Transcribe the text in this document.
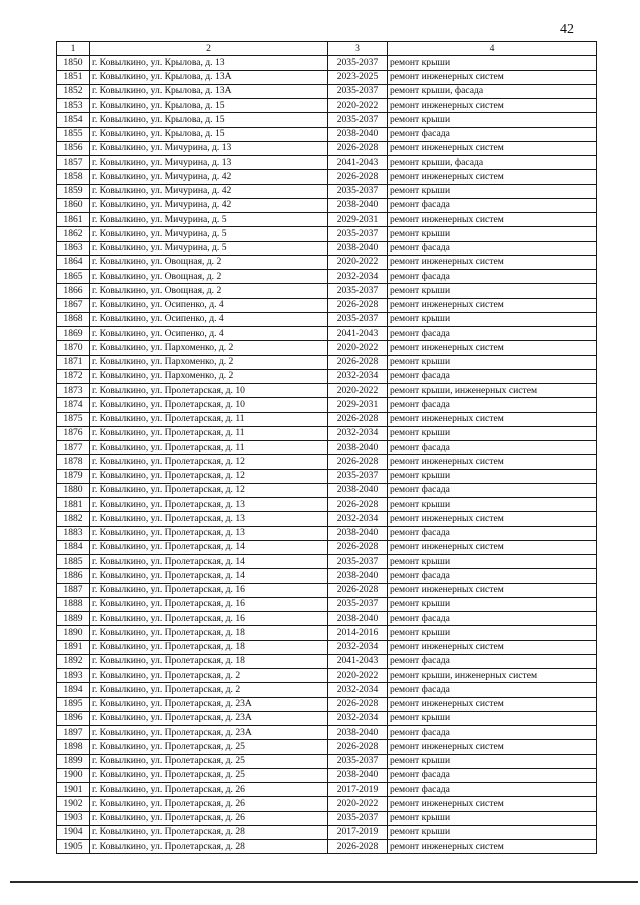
42
1	2	3	4
1850	г. Ковылкино, ул. Крылова, д. 13	2035-2037	ремонт крыши
1851	г. Ковылкино, ул. Крылова, д. 13А	2023-2025	ремонт инженерных систем
1852	г. Ковылкино, ул. Крылова, д. 13А	2035-2037	ремонт крыши, фасада
1853	г. Ковылкино, ул. Крылова, д. 15	2020-2022	ремонт инженерных систем
1854	г. Ковылкино, ул. Крылова, д. 15	2035-2037	ремонт крыши
1855	г. Ковылкино, ул. Крылова, д. 15	2038-2040	ремонт фасада
1856	г. Ковылкино, ул. Мичурина, д. 13	2026-2028	ремонт инженерных систем
1857	г. Ковылкино, ул. Мичурина, д. 13	2041-2043	ремонт крыши, фасада
1858	г. Ковылкино, ул. Мичурина, д. 42	2026-2028	ремонт инженерных систем
1859	г. Ковылкино, ул. Мичурина, д. 42	2035-2037	ремонт крыши
1860	г. Ковылкино, ул. Мичурина, д. 42	2038-2040	ремонт фасада
1861	г. Ковылкино, ул. Мичурина, д. 5	2029-2031	ремонт инженерных систем
1862	г. Ковылкино, ул. Мичурина, д. 5	2035-2037	ремонт крыши
1863	г. Ковылкино, ул. Мичурина, д. 5	2038-2040	ремонт фасада
1864	г. Ковылкино, ул. Овощная, д. 2	2020-2022	ремонт инженерных систем
1865	г. Ковылкино, ул. Овощная, д. 2	2032-2034	ремонт фасада
1866	г. Ковылкино, ул. Овощная, д. 2	2035-2037	ремонт крыши
1867	г. Ковылкино, ул. Осипенко, д. 4	2026-2028	ремонт инженерных систем
1868	г. Ковылкино, ул. Осипенко, д. 4	2035-2037	ремонт крыши
1869	г. Ковылкино, ул. Осипенко, д. 4	2041-2043	ремонт фасада
1870	г. Ковылкино, ул. Пархоменко, д. 2	2020-2022	ремонт инженерных систем
1871	г. Ковылкино, ул. Пархоменко, д. 2	2026-2028	ремонт крыши
1872	г. Ковылкино, ул. Пархоменко, д. 2	2032-2034	ремонт фасада
1873	г. Ковылкино, ул. Пролетарская, д. 10	2020-2022	ремонт крыши, инженерных систем
1874	г. Ковылкино, ул. Пролетарская, д. 10	2029-2031	ремонт фасада
1875	г. Ковылкино, ул. Пролетарская, д. 11	2026-2028	ремонт инженерных систем
1876	г. Ковылкино, ул. Пролетарская, д. 11	2032-2034	ремонт крыши
1877	г. Ковылкино, ул. Пролетарская, д. 11	2038-2040	ремонт фасада
1878	г. Ковылкино, ул. Пролетарская, д. 12	2026-2028	ремонт инженерных систем
1879	г. Ковылкино, ул. Пролетарская, д. 12	2035-2037	ремонт крыши
1880	г. Ковылкино, ул. Пролетарская, д. 12	2038-2040	ремонт фасада
1881	г. Ковылкино, ул. Пролетарская, д. 13	2026-2028	ремонт крыши
1882	г. Ковылкино, ул. Пролетарская, д. 13	2032-2034	ремонт инженерных систем
1883	г. Ковылкино, ул. Пролетарская, д. 13	2038-2040	ремонт фасада
1884	г. Ковылкино, ул. Пролетарская, д. 14	2026-2028	ремонт инженерных систем
1885	г. Ковылкино, ул. Пролетарская, д. 14	2035-2037	ремонт крыши
1886	г. Ковылкино, ул. Пролетарская, д. 14	2038-2040	ремонт фасада
1887	г. Ковылкино, ул. Пролетарская, д. 16	2026-2028	ремонт инженерных систем
1888	г. Ковылкино, ул. Пролетарская, д. 16	2035-2037	ремонт крыши
1889	г. Ковылкино, ул. Пролетарская, д. 16	2038-2040	ремонт фасада
1890	г. Ковылкино, ул. Пролетарская, д. 18	2014-2016	ремонт крыши
1891	г. Ковылкино, ул. Пролетарская, д. 18	2032-2034	ремонт инженерных систем
1892	г. Ковылкино, ул. Пролетарская, д. 18	2041-2043	ремонт фасада
1893	г. Ковылкино, ул. Пролетарская, д. 2	2020-2022	ремонт крыши, инженерных систем
1894	г. Ковылкино, ул. Пролетарская, д. 2	2032-2034	ремонт фасада
1895	г. Ковылкино, ул. Пролетарская, д. 23А	2026-2028	ремонт инженерных систем
1896	г. Ковылкино, ул. Пролетарская, д. 23А	2032-2034	ремонт крыши
1897	г. Ковылкино, ул. Пролетарская, д. 23А	2038-2040	ремонт фасада
1898	г. Ковылкино, ул. Пролетарская, д. 25	2026-2028	ремонт инженерных систем
1899	г. Ковылкино, ул. Пролетарская, д. 25	2035-2037	ремонт крыши
1900	г. Ковылкино, ул. Пролетарская, д. 25	2038-2040	ремонт фасада
1901	г. Ковылкино, ул. Пролетарская, д. 26	2017-2019	ремонт фасада
1902	г. Ковылкино, ул. Пролетарская, д. 26	2020-2022	ремонт инженерных систем
1903	г. Ковылкино, ул. Пролетарская, д. 26	2035-2037	ремонт крыши
1904	г. Ковылкино, ул. Пролетарская, д. 28	2017-2019	ремонт крыши
1905	г. Ковылкино, ул. Пролетарская, д. 28	2026-2028	ремонт инженерных систем
